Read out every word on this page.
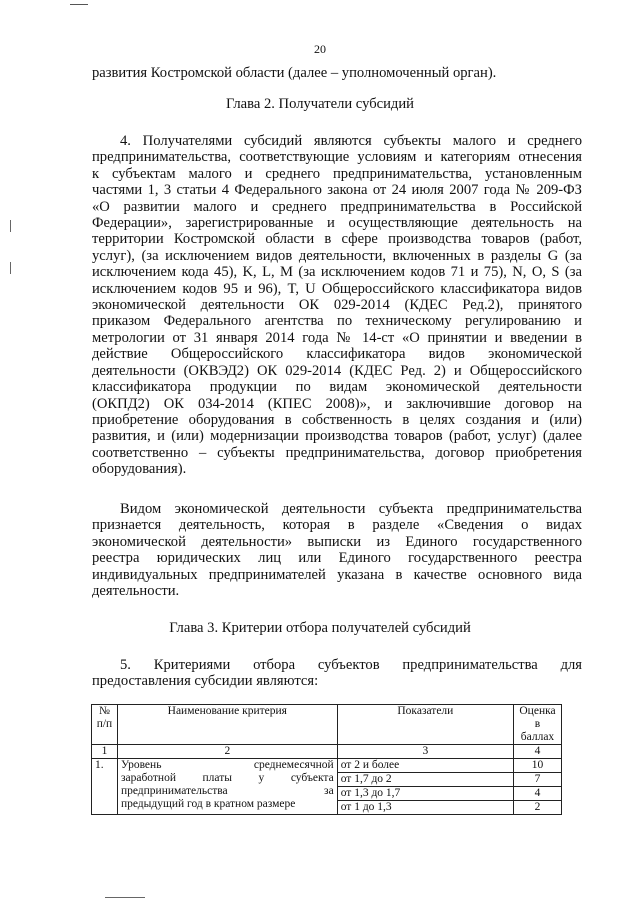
20
развития Костромской области (далее – уполномоченный орган).
Глава 2. Получатели субсидий
4. Получателями субсидий являются субъекты малого и среднего
предпринимательства, соответствующие условиям и категориям отнесения
к субъектам малого и среднего предпринимательства, установленным
частями 1, 3 статьи 4 Федерального закона от 24 июля 2007 года № 209-ФЗ
«О развитии малого и среднего предпринимательства в Российской
Федерации», зарегистрированные и осуществляющие деятельность на
территории Костромской области в сфере производства товаров (работ,
услуг), (за исключением видов деятельности, включенных в разделы G (за
исключением кода 45), K, L, M (за исключением кодов 71 и 75), N, O, S (за
исключением кодов 95 и 96), T, U Общероссийского классификатора видов
экономической деятельности ОК 029-2014 (КДЕС Ред.2), принятого
приказом Федерального агентства по техническому регулированию и
метрологии от 31 января 2014 года № 14-ст «О принятии и введении в
действие Общероссийского классификатора видов экономической
деятельности (ОКВЭД2) ОК 029-2014 (КДЕС Ред. 2) и Общероссийского
классификатора продукции по видам экономической деятельности
(ОКПД2) ОК 034-2014 (КПЕС 2008)», и заключившие договор на
приобретение оборудования в собственность в целях создания и (или)
развития, и (или) модернизации производства товаров (работ, услуг) (далее
соответственно – субъекты предпринимательства, договор приобретения
оборудования).
Видом экономической деятельности субъекта предпринимательства
признается деятельность, которая в разделе «Сведения о видах
экономической деятельности» выписки из Единого государственного
реестра юридических лиц или Единого государственного реестра
индивидуальных предпринимателей указана в качестве основного вида
деятельности.
Глава 3. Критерии отбора получателей субсидий
5. Критериями отбора субъектов предпринимательства для
предоставления субсидии являются:
№ п/п	Наименование критерия	Показатели	Оценка в баллах
1	2	3	4
1.	Уровень среднемесячной
заработной платы у субъекта
предпринимательства за
предыдущий год в кратном размере	от 2 и более	10
		от 1,7 до 2	7
		от 1,3 до 1,7	4
		от 1 до 1,3	2
